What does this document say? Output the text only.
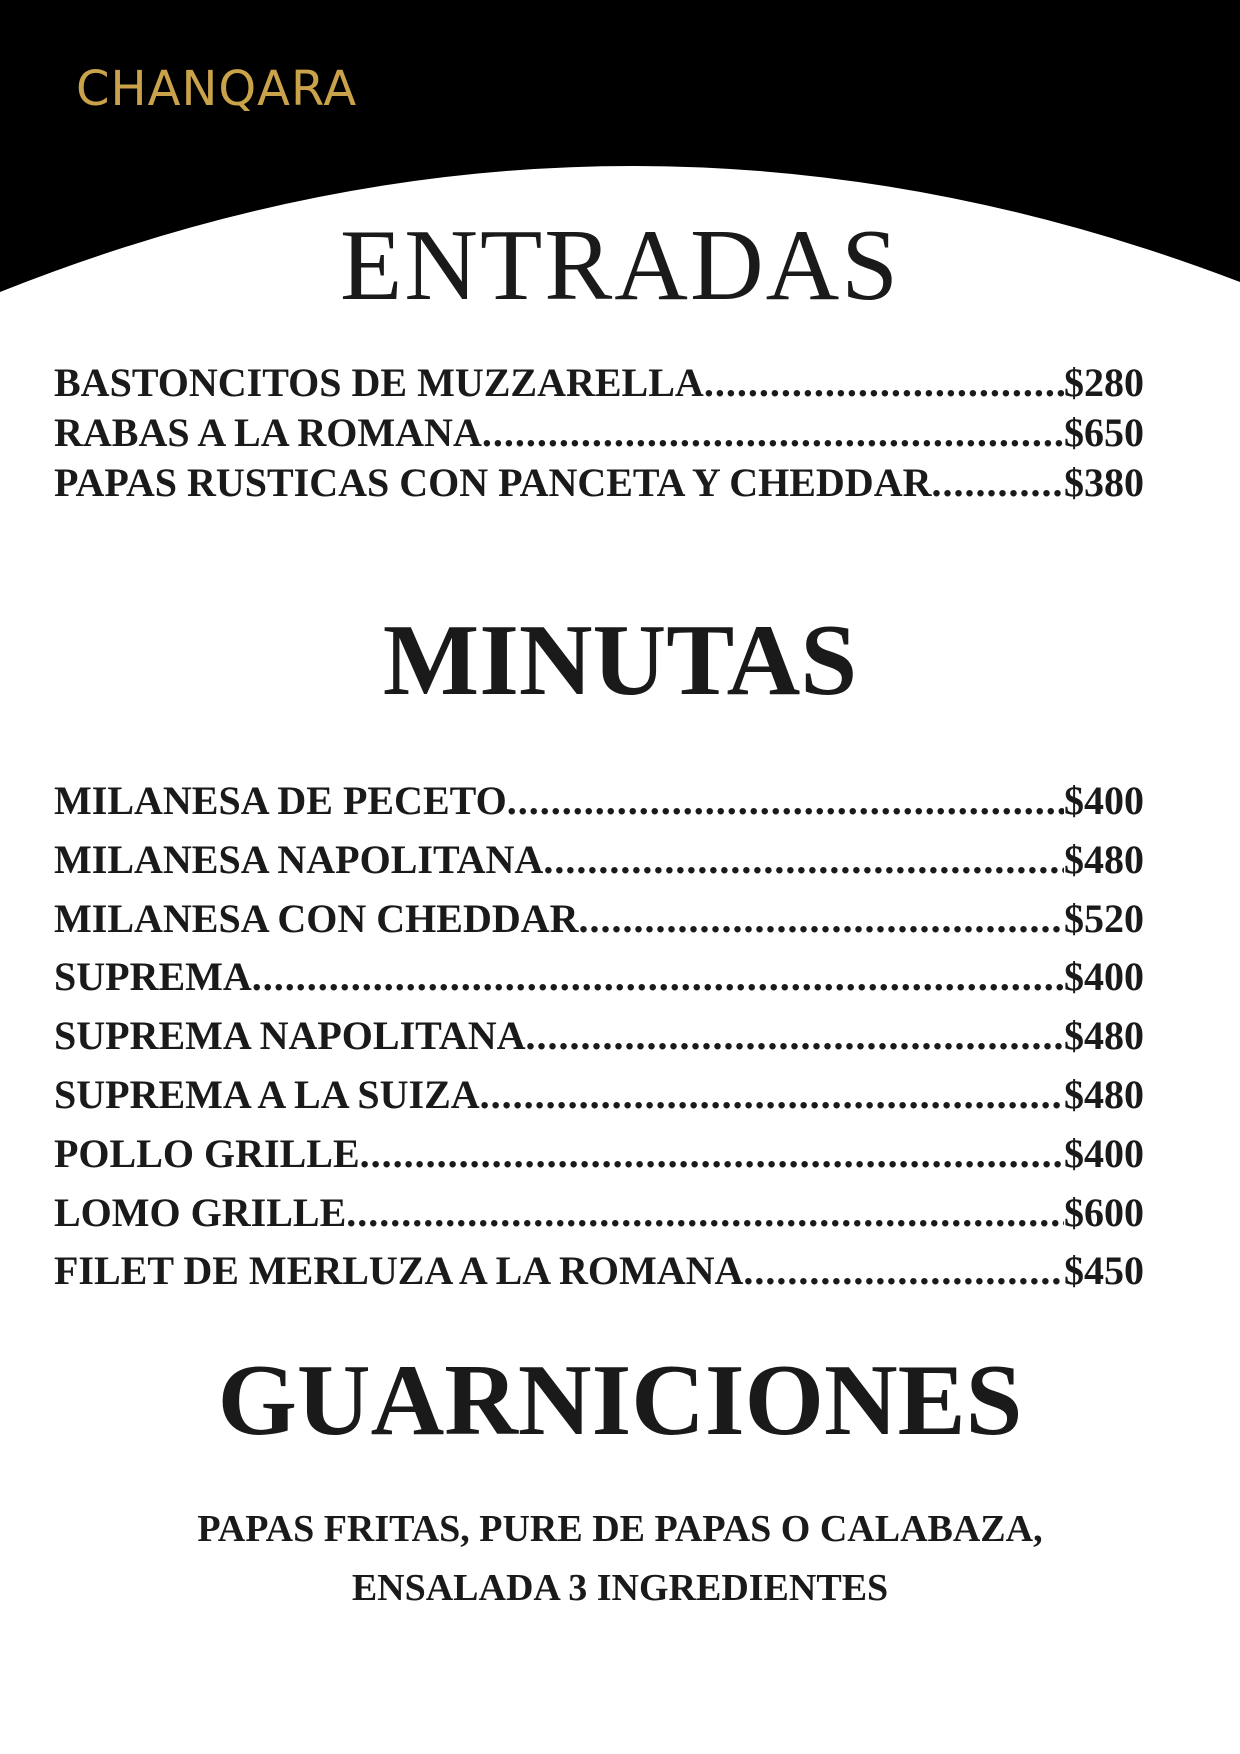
CHANQARA
ENTRADAS
BASTONCITOS DE MUZZARELLA .....	$280
RABAS A LA ROMANA .....	$650
PAPAS RUSTICAS CON PANCETA Y CHEDDAR .....	$380
MINUTAS
MILANESA DE PECETO .....	$400
MILANESA NAPOLITANA .....	$480
MILANESA CON CHEDDAR .....	$520
SUPREMA .....	$400
SUPREMA NAPOLITANA .....	$480
SUPREMA A LA SUIZA .....	$480
POLLO GRILLE .....	$400
LOMO GRILLE .....	$600
FILET DE MERLUZA A LA ROMANA .....	$450
GUARNICIONES
PAPAS FRITAS, PURE DE PAPAS O CALABAZA,
ENSALADA 3 INGREDIENTES
